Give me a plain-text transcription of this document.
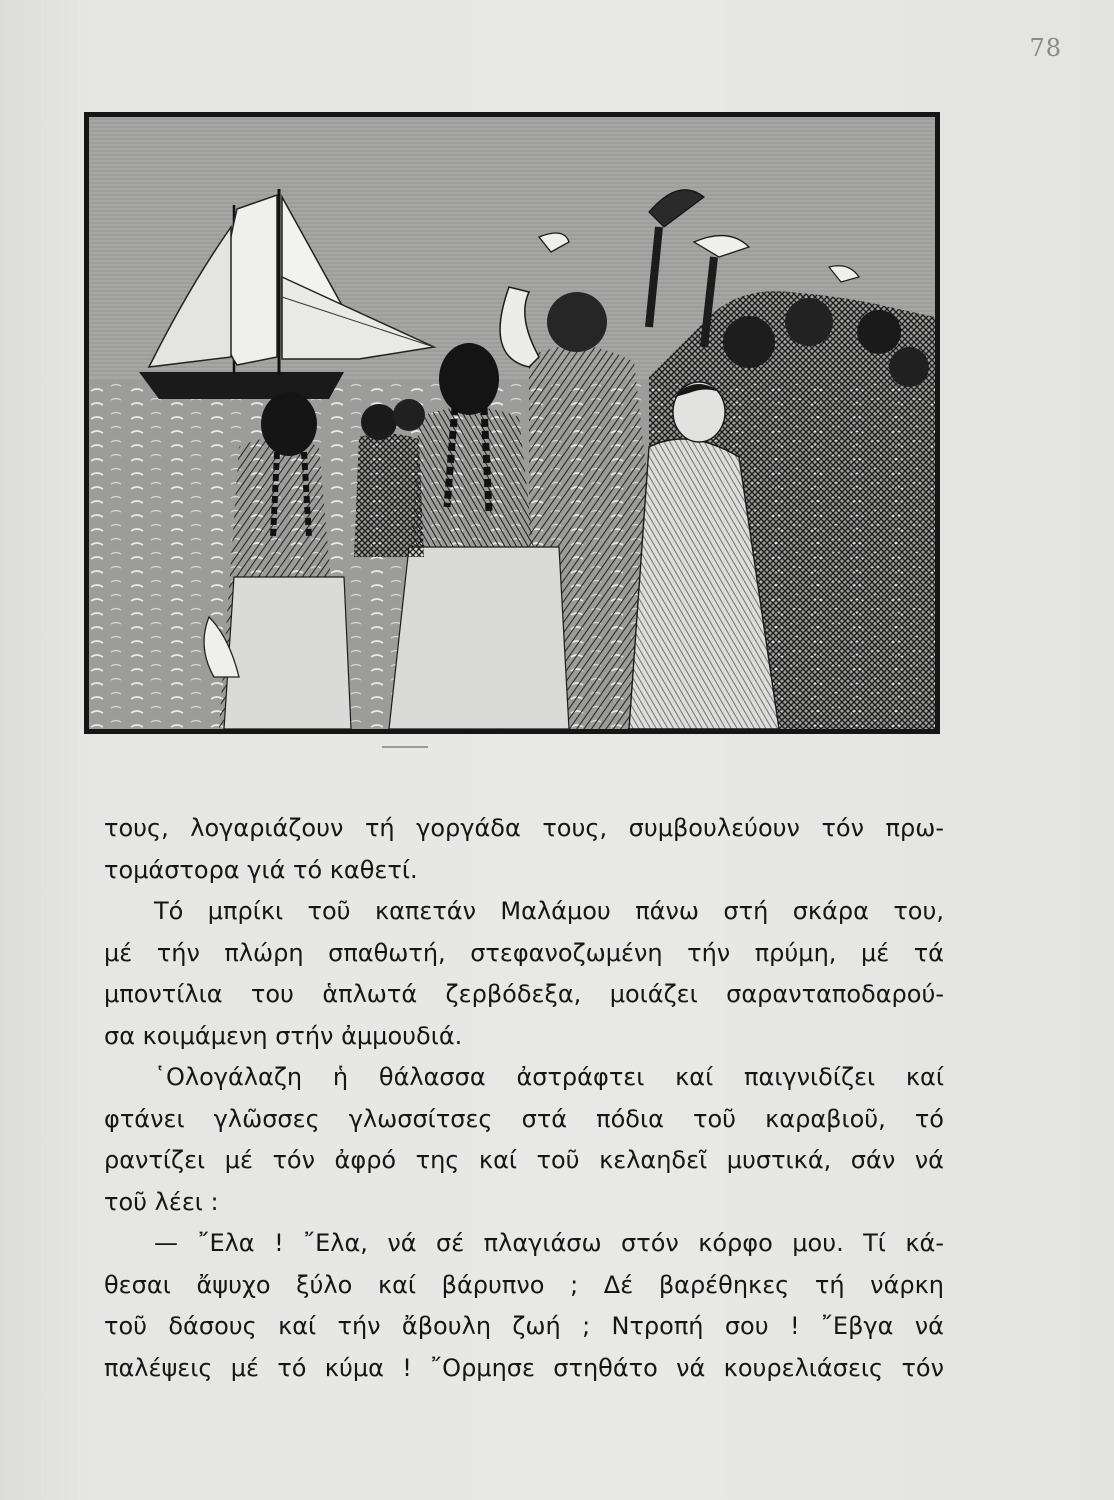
78
τους, λογαριάζουν τή γοργάδα τους, συμβουλεύουν τόν πρω-
τομάστορα γιά τό καθετί.
Τό μπρίκι τοῦ καπετάν Μαλάμου πάνω στή σκάρα του,
μέ τήν πλώρη σπαθωτή, στεφανοζωμένη τήν πρύμη, μέ τά
μποντίλια του ἁπλωτά ζερβόδεξα, μοιάζει σαρανταποδαρού-
σα κοιμάμενη στήν ἀμμουδιά.
῾Ολογάλαζη ἡ θάλασσα ἀστράφτει καί παιγνιδίζει καί
φτάνει γλῶσσες γλωσσίτσες στά πόδια τοῦ καραβιοῦ, τό
ραντίζει μέ τόν ἀφρό της καί τοῦ κελαηδεῖ μυστικά, σάν νά
τοῦ λέει :
— ῎Ελα ! ῎Ελα, νά σέ πλαγιάσω στόν κόρφο μου. Τί κά-
θεσαι ἄψυχο ξύλο καί βάρυπνο ; Δέ βαρέθηκες τή νάρκη
τοῦ δάσους καί τήν ἄβουλη ζωή ; Ντροπή σου ! ῎Εβγα νά
παλέψεις μέ τό κύμα ! ῎Ορμησε στηθάτο νά κουρελιάσεις τόν
